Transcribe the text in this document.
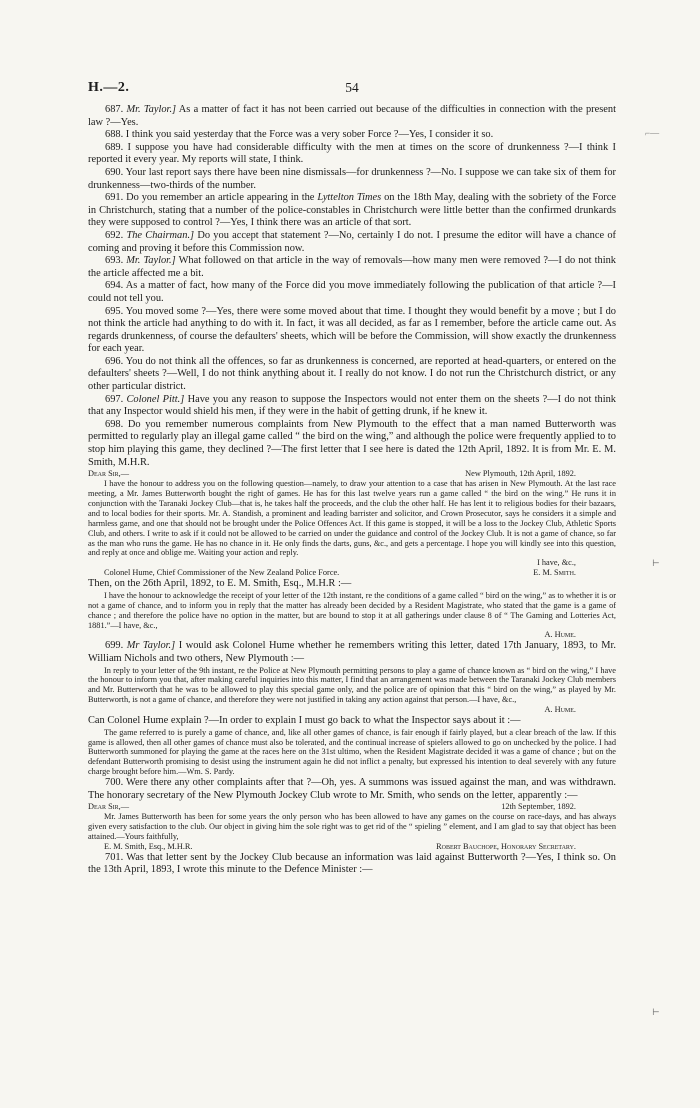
H.—2.	54
⌐—
⊢
⊢

687. Mr. Taylor.] As a matter of fact it has not been carried out because of the difficulties in connection with the present law ?—Yes.

688. I think you said yesterday that the Force was a very sober Force ?—Yes, I consider it so.

689. I suppose you have had considerable difficulty with the men at times on the score of drunkenness ?—I think I reported it every year. My reports will state, I think.

690. Your last report says there have been nine dismissals—for drunkenness ?—No. I suppose we can take six of them for drunkenness—two-thirds of the number.

691. Do you remember an article appearing in the Lyttelton Times on the 18th May, dealing with the sobriety of the Force in Christchurch, stating that a number of the police-constables in Christchurch were little better than the confirmed drunkards they were supposed to control ?—Yes, I think there was an article of that sort.

692. The Chairman.] Do you accept that statement ?—No, certainly I do not. I presume the editor will have a chance of coming and proving it before this Commission now.

693. Mr. Taylor.] What followed on that article in the way of removals—how many men were removed ?—I do not think the article affected me a bit.

694. As a matter of fact, how many of the Force did you move immediately following the publication of that article ?—I could not tell you.

695. You moved some ?—Yes, there were some moved about that time. I thought they would benefit by a move ; but I do not think the article had anything to do with it. In fact, it was all decided, as far as I remember, before the article came out. As regards drunkenness, of course the defaulters' sheets, which will be before the Commission, will show exactly the drunkenness for each year.

696. You do not think all the offences, so far as drunkenness is concerned, are reported at head-quarters, or entered on the defaulters' sheets ?—Well, I do not think anything about it. I really do not know. I do not run the Christchurch district, or any other particular district.

697. Colonel Pitt.] Have you any reason to suppose the Inspectors would not enter them on the sheets ?—I do not think that any Inspector would shield his men, if they were in the habit of getting drunk, if he knew it.

698. Do you remember numerous complaints from New Plymouth to the effect that a man named Butterworth was permitted to regularly play an illegal game called “ the bird on the wing,” and although the police were frequently applied to to stop him playing this game, they declined ?—The first letter that I see here is dated the 12th April, 1892. It is from Mr. E. M. Smith, M.H.R.

Dear Sir,—	New Plymouth, 12th April, 1892.

I have the honour to address you on the following question—namely, to draw your attention to a case that has arisen in New Plymouth. At the last race meeting, a Mr. James Butterworth bought the right of games. He has for this last twelve years run a game called “ the bird on the wing.” He runs it in conjunction with the Taranaki Jockey Club—that is, he takes half the proceeds, and the club the other half. He has lent it to religious bodies for their bazaars, and to local bodies for their sports. Mr. A. Standish, a prominent and leading barrister and solicitor, and Crown Prosecutor, says he considers it a simple and harmless game, and one that should not be brought under the Police Offences Act. If this game is stopped, it will be a loss to the Jockey Club, Athletic Sports Club, and others. I write to ask if it could not be allowed to be carried on under the guidance and control of the Jockey Club. It is not a game of chance, so far as the man who runs the game. He has no chance in it. He only finds the darts, guns, &c., and gets a percentage. I hope you will kindly see into this question, and reply at once and oblige me. Waiting your action and reply.

I have, &c.,
Colonel Hume, Chief Commissioner of the New Zealand Police Force.	E. M. Smith.

Then, on the 26th April, 1892, to E. M. Smith, Esq., M.H.R :—

I have the honour to acknowledge the receipt of your letter of the 12th instant, re the conditions of a game called “ bird on the wing,” as to whether it is or not a game of chance, and to inform you in reply that the matter has already been decided by a Resident Magistrate, who stated that the game is a game of chance ; and therefore the police have no option in the matter, but are bound to stop it at all gatherings under clause 8 of “ The Gaming and Lotteries Act, 1881.”—I have, &c.,

A. Hume.

699. Mr Taylor.] I would ask Colonel Hume whether he remembers writing this letter, dated 17th January, 1893, to Mr. William Nichols and two others, New Plymouth :—

In reply to your letter of the 9th instant, re the Police at New Plymouth permitting persons to play a game of chance known as “ bird on the wing,” I have the honour to inform you that, after making careful inquiries into this matter, I find that an arrangement was made between the Taranaki Jockey Club members and Mr. Butterworth that he was to be allowed to play this special game only, and the police are of opinion that this “ bird on the wing,” as played by Mr. Butterworth, is not a game of chance, and therefore they were not justified in taking any action against that person.—I have, &c.,

A. Hume.

Can Colonel Hume explain ?—In order to explain I must go back to what the Inspector says about it :—

The game referred to is purely a game of chance, and, like all other games of chance, is fair enough if fairly played, but a clear breach of the law. If this game is allowed, then all other games of chance must also be tolerated, and the continual increase of spielers allowed to go on unchecked by the police. I had Butterworth summoned for playing the game at the races here on the 31st ultimo, when the Resident Magistrate decided it was a game of chance ; but on the defendant Butterworth promising to desist using the instrument again he did not inflict a penalty, but expressed his intention to deal severely with any future charge brought before him.—Wm. S. Pardy.

700. Were there any other complaints after that ?—Oh, yes. A summons was issued against the man, and was withdrawn. The honorary secretary of the New Plymouth Jockey Club wrote to Mr. Smith, who sends on the letter, apparently :—

Dear Sir,—	12th September, 1892.

Mr. James Butterworth has been for some years the only person who has been allowed to have any games on the course on race-days, and has always given every satisfaction to the club. Our object in giving him the sole right was to get rid of the “ spieling ” element, and I am glad to say that object has been attained.—Yours faithfully,

E. M. Smith, Esq., M.H.R.	Robert Bauchope, Honorary Secretary.

701. Was that letter sent by the Jockey Club because an information was laid against Butterworth ?—Yes, I think so. On the 13th April, 1893, I wrote this minute to the Defence Minister :—
